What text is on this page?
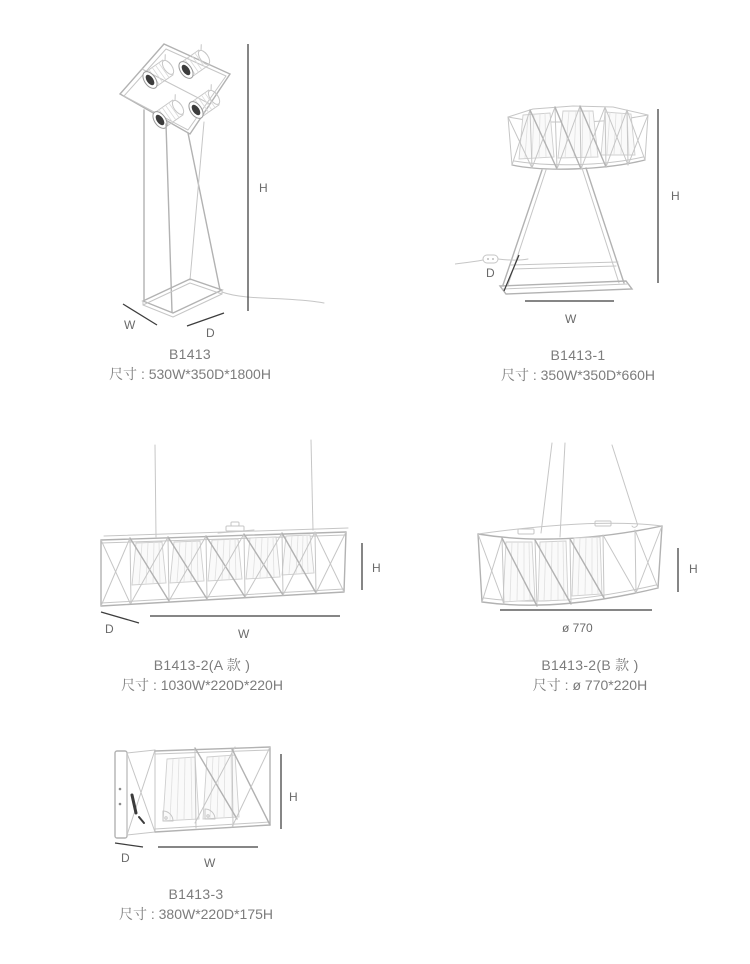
H
W
D
H
W
D
D	W
H	H
ø 770
H
W
D
B1413
尺寸 : 530W*350D*1800H
B1413-1
尺寸 : 350W*350D*660H
B1413-2(A 款 )
尺寸 : 1030W*220D*220H
B1413-2(B 款 )
尺寸 : ø 770*220H
B1413-3
尺寸 : 380W*220D*175H
